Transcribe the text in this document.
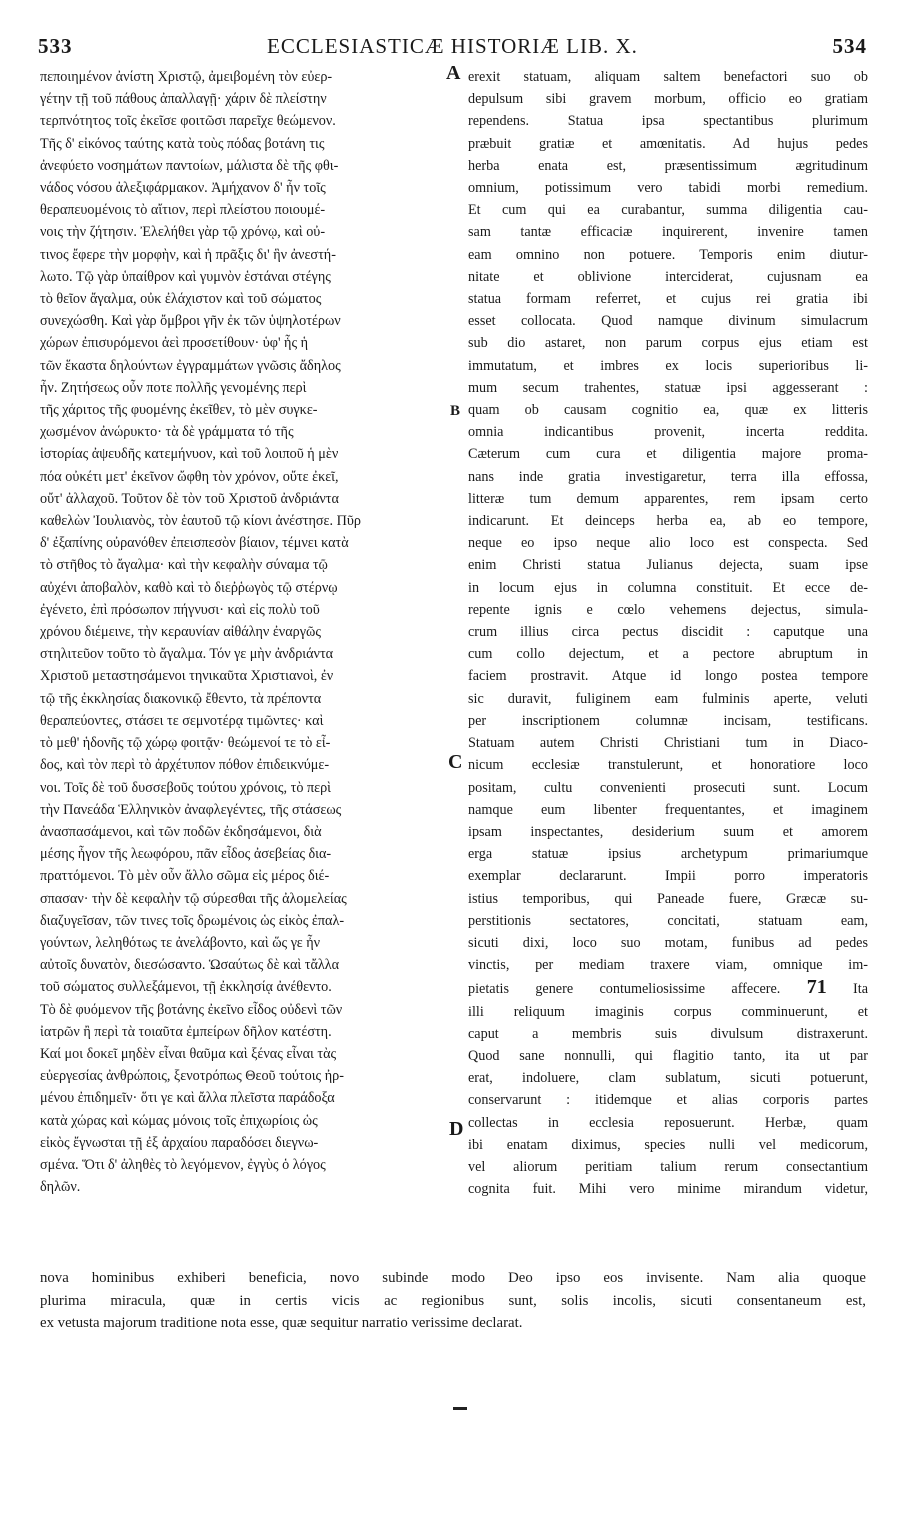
533	ECCLESIASTICÆ HISTORIÆ LIB. X.	534
πεποιημένον ἀνίστη Χριστῷ, ἀμειβομένη τὸν εὐερ-
γέτην τῇ τοῦ πάθους ἀπαλλαγῇ· χάριν δὲ πλείστην
τερπνότητος τοῖς ἐκεῖσε φοιτῶσι παρεῖχε θεώμενον.
Τῆς δ' εἰκόνος ταύτης κατὰ τοὺς πόδας βοτάνη τις
ἀνεφύετο νοσημάτων παντοίων, μάλιστα δὲ τῆς φθι-
νάδος νόσου ἀλεξιφάρμακον. Ἀμήχανον δ' ἦν τοῖς
θεραπευομένοις τὸ αἴτιον, περὶ πλείστου ποιουμέ-
νοις τὴν ζήτησιν. Ἐλελήθει γὰρ τῷ χρόνῳ, καὶ οὐ-
τινος ἔφερε τὴν μορφὴν, καὶ ἡ πρᾶξις δι' ἣν ἀνεστή-
λωτο. Τῷ γὰρ ὑπαίθρον καὶ γυμνὸν ἑστάναι στέγης
τὸ θεῖον ἄγαλμα, οὐκ ἐλάχιστον καὶ τοῦ σώματος
συνεχώσθη. Καὶ γὰρ ὄμβροι γῆν ἐκ τῶν ὑψηλοτέρων
χώρων ἐπισυρόμενοι ἀεὶ προσετίθουν· ὑφ' ἧς ἡ
τῶν ἕκαστα δηλούντων ἐγγραμμάτων γνῶσις ἄδηλος
ἦν. Ζητήσεως οὖν ποτε πολλῆς γενομένης περὶ
τῆς χάριτος τῆς φυομένης ἐκεῖθεν, τὸ μὲν συγκε-
χωσμένον ἀνώρυκτο· τὰ δὲ γράμματα τό τῆς
ἱστορίας ἀψευδῆς κατεμήνυον, καὶ τοῦ λοιποῦ ἡ μὲν
πόα οὐκέτι μετ' ἐκεῖνον ὤφθη τὸν χρόνον, οὔτε ἐκεῖ,
οὔτ' ἀλλαχοῦ. Τοῦτον δὲ τὸν τοῦ Χριστοῦ ἀνδριάντα
καθελὼν Ἰουλιανὸς, τὸν ἑαυτοῦ τῷ κίονι ἀνέστησε. Πῦρ
δ' ἐξαπίνης οὐρανόθεν ἐπεισπεσὸν βίαιον, τέμνει κατὰ
τὸ στῆθος τὸ ἄγαλμα· καὶ τὴν κεφαλὴν σύναμα τῷ
αὐχένι ἀποβαλὸν, καθὸ καὶ τὸ διεῤῥωγὸς τῷ στέρνῳ
ἐγένετο, ἐπὶ πρόσωπον πήγνυσι· καὶ εἰς πολὺ τοῦ
χρόνου διέμεινε, τὴν κεραυνίαν αἰθάλην ἐναργῶς
στηλιτεῦον τοῦτο τὸ ἄγαλμα. Τόν γε μὴν ἀνδριάντα
Χριστοῦ μεταστησάμενοι τηνικαῦτα Χριστιανοὶ, ἐν
τῷ τῆς ἐκκλησίας διακονικῷ ἔθεντο, τὰ πρέποντα
θεραπεύοντες, στάσει τε σεμνοτέρᾳ τιμῶντες· καὶ
τὸ μεθ' ἡδονῆς τῷ χώρῳ φοιτᾷν· θεώμενοί τε τὸ εἶ-
δος, καὶ τὸν περὶ τὸ ἀρχέτυπον πόθον ἐπιδεικνύμε-
νοι. Τοῖς δὲ τοῦ δυσσεβοῦς τούτου χρόνοις, τὸ περὶ
τὴν Πανεάδα Ἑλληνικὸν ἀναφλεγέντες, τῆς στάσεως
ἀνασπασάμενοι, καὶ τῶν ποδῶν ἐκδησάμενοι, διὰ
μέσης ἦγον τῆς λεωφόρου, πᾶν εἶδος ἀσεβείας δια-
πραττόμενοι. Τὸ μὲν οὖν ἄλλο σῶμα εἰς μέρος διέ-
σπασαν· τὴν δὲ κεφαλὴν τῷ σύρεσθαι τῆς ἀλομελείας
διαζυγεῖσαν, τῶν τινες τοῖς δρωμένοις ὡς εἰκὸς ἐπαλ-
γούντων, λεληθότως τε ἀνελάβοντο, καὶ ὥς γε ἦν
αὐτοῖς δυνατὸν, διεσώσαντο. Ὡσαύτως δὲ καὶ τἄλλα
τοῦ σώματος συλλεξάμενοι, τῇ ἐκκλησίᾳ ἀνέθεντο.
Τὸ δὲ φυόμενον τῆς βοτάνης ἐκεῖνο εἶδος οὐδενὶ τῶν
ἰατρῶν ἢ περὶ τὰ τοιαῦτα ἐμπείρων δῆλον κατέστη.
Καί μοι δοκεῖ μηδὲν εἶναι θαῦμα καὶ ξένας εἶναι τὰς
εὐεργεσίας ἀνθρώποις, ξενοτρόπως Θεοῦ τούτοις ἠρ-
μένου ἐπιδημεῖν· ὅτι γε καὶ ἄλλα πλεῖστα παράδοξα
κατὰ χώρας καὶ κώμας μόνοις τοῖς ἐπιχωρίοις ὡς
εἰκὸς ἔγνωσται τῇ ἐξ ἀρχαίου παραδόσει διεγνω-
σμένα. Ὅτι δ' ἀληθὲς τὸ λεγόμενον, ἐγγὺς ὁ λόγος
δηλῶν.
erexit statuam, aliquam saltem benefactori suo ob
depulsum sibi gravem morbum, officio eo gratiam
rependens. Statua ipsa spectantibus plurimum
præbuit gratiæ et amœnitatis. Ad hujus pedes
herba enata est, præsentissimum ægritudinum
omnium, potissimum vero tabidi morbi remedium.
Et cum qui ea curabantur, summa diligentia cau-
sam tantæ efficaciæ inquirerent, invenire tamen
eam omnino non potuere. Temporis enim diutur-
nitate et oblivione interciderat, cujusnam ea
statua formam referret, et cujus rei gratia ibi
esset collocata. Quod namque divinum simulacrum
sub dio astaret, non parum corpus ejus etiam est
immutatum, et imbres ex locis superioribus li-
mum secum trahentes, statuæ ipsi aggesserant :
quam ob causam cognitio ea, quæ ex litteris
omnia indicantibus provenit, incerta reddita.
Cæterum cum cura et diligentia majore proma-
nans inde gratia investigaretur, terra illa effossa,
litteræ tum demum apparentes, rem ipsam certo
indicarunt. Et deinceps herba ea, ab eo tempore,
neque eo ipso neque alio loco est conspecta. Sed
enim Christi statua Julianus dejecta, suam ipse
in locum ejus in columna constituit. Et ecce de-
repente ignis e cœlo vehemens dejectus, simula-
crum illius circa pectus discidit : caputque una
cum collo dejectum, et a pectore abruptum in
faciem prostravit. Atque id longo postea tempore
sic duravit, fuliginem eam fulminis aperte, veluti
per inscriptionem columnæ incisam, testificans.
Statuam autem Christi Christiani tum in Diaco-
nicum ecclesiæ transtulerunt, et honoratiore loco
positam, cultu convenienti prosecuti sunt. Locum
namque eum libenter frequentantes, et imaginem
ipsam inspectantes, desiderium suum et amorem
erga statuæ ipsius archetypum primariumque
exemplar declararunt. Impii porro imperatoris
istius temporibus, qui Paneade fuere, Græcæ su-
perstitionis sectatores, concitati, statuam eam,
sicuti dixi, loco suo motam, funibus ad pedes
vinctis, per mediam traxere viam, omnique im-
pietatis genere contumeliosissime affecere. 71 Ita
illi reliquum imaginis corpus comminuerunt, et
caput a membris suis divulsum distraxerunt.
Quod sane nonnulli, qui flagitio tanto, ita ut par
erat, indoluere, clam sublatum, sicuti potuerunt,
conservarunt : itidemque et alias corporis partes
collectas in ecclesia reposuerunt. Herbæ, quam
ibi enatam diximus, species nulli vel medicorum,
vel aliorum peritiam talium rerum consectantium
cognita fuit. Mihi vero minime mirandum videtur,
A
B
C
D
nova hominibus exhiberi beneficia, novo subinde modo Deo ipso eos invisente. Nam alia quoque
plurima miracula, quæ in certis vicis ac regionibus sunt, solis incolis, sicuti consentaneum est,
ex vetusta majorum traditione nota esse, quæ sequitur narratio verissime declarat.
